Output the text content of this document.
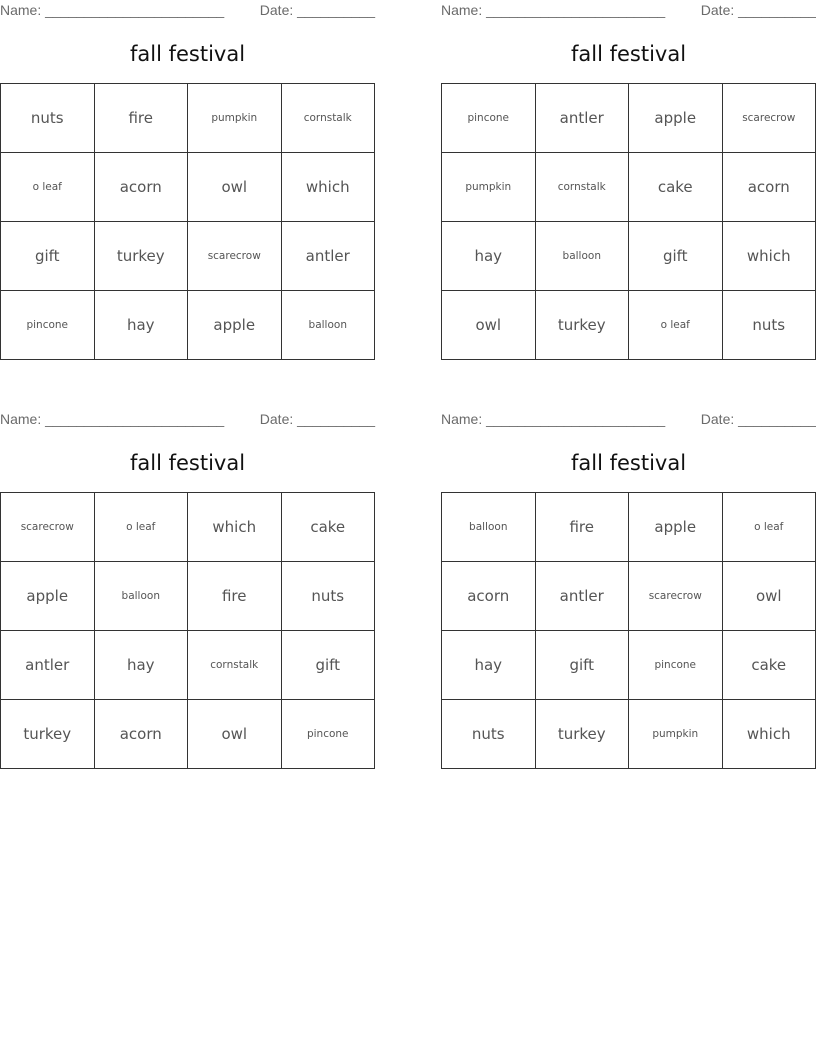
Name: _______________________	Date: __________
fall festival
nuts	fire	pumpkin	cornstalk
o leaf	acorn	owl	which
gift	turkey	scarecrow	antler
pincone	hay	apple	balloon
Name: _______________________	Date: __________
fall festival
pincone	antler	apple	scarecrow
pumpkin	cornstalk	cake	acorn
hay	balloon	gift	which
owl	turkey	o leaf	nuts
Name: _______________________	Date: __________
fall festival
scarecrow	o leaf	which	cake
apple	balloon	fire	nuts
antler	hay	cornstalk	gift
turkey	acorn	owl	pincone
Name: _______________________	Date: __________
fall festival
balloon	fire	apple	o leaf
acorn	antler	scarecrow	owl
hay	gift	pincone	cake
nuts	turkey	pumpkin	which
